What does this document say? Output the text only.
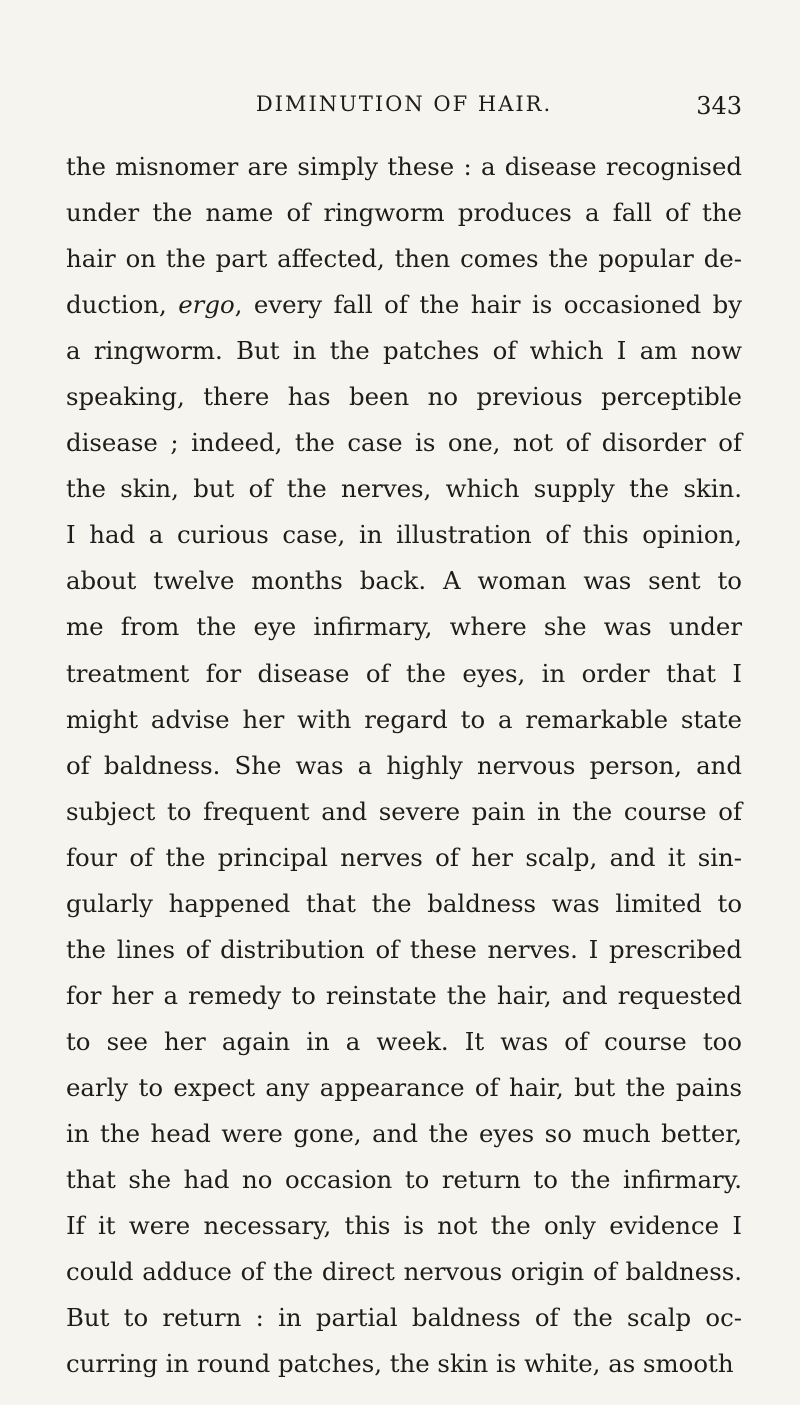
DIMINUTION OF HAIR.	343
the misnomer are simply these : a disease recognised
under the name of ringworm produces a fall of the
hair on the part affected, then comes the popular de-
duction, ergo, every fall of the hair is occasioned by
a ringworm. But in the patches of which I am now
speaking, there has been no previous perceptible
disease ; indeed, the case is one, not of disorder of
the skin, but of the nerves, which supply the skin.
I had a curious case, in illustration of this opinion,
about twelve months back. A woman was sent to
me from the eye infirmary, where she was under
treatment for disease of the eyes, in order that I
might advise her with regard to a remarkable state
of baldness. She was a highly nervous person, and
subject to frequent and severe pain in the course of
four of the principal nerves of her scalp, and it sin-
gularly happened that the baldness was limited to
the lines of distribution of these nerves. I prescribed
for her a remedy to reinstate the hair, and requested
to see her again in a week. It was of course too
early to expect any appearance of hair, but the pains
in the head were gone, and the eyes so much better,
that she had no occasion to return to the infirmary.
If it were necessary, this is not the only evidence I
could adduce of the direct nervous origin of baldness.
But to return : in partial baldness of the scalp oc-
curring in round patches, the skin is white, as smooth
